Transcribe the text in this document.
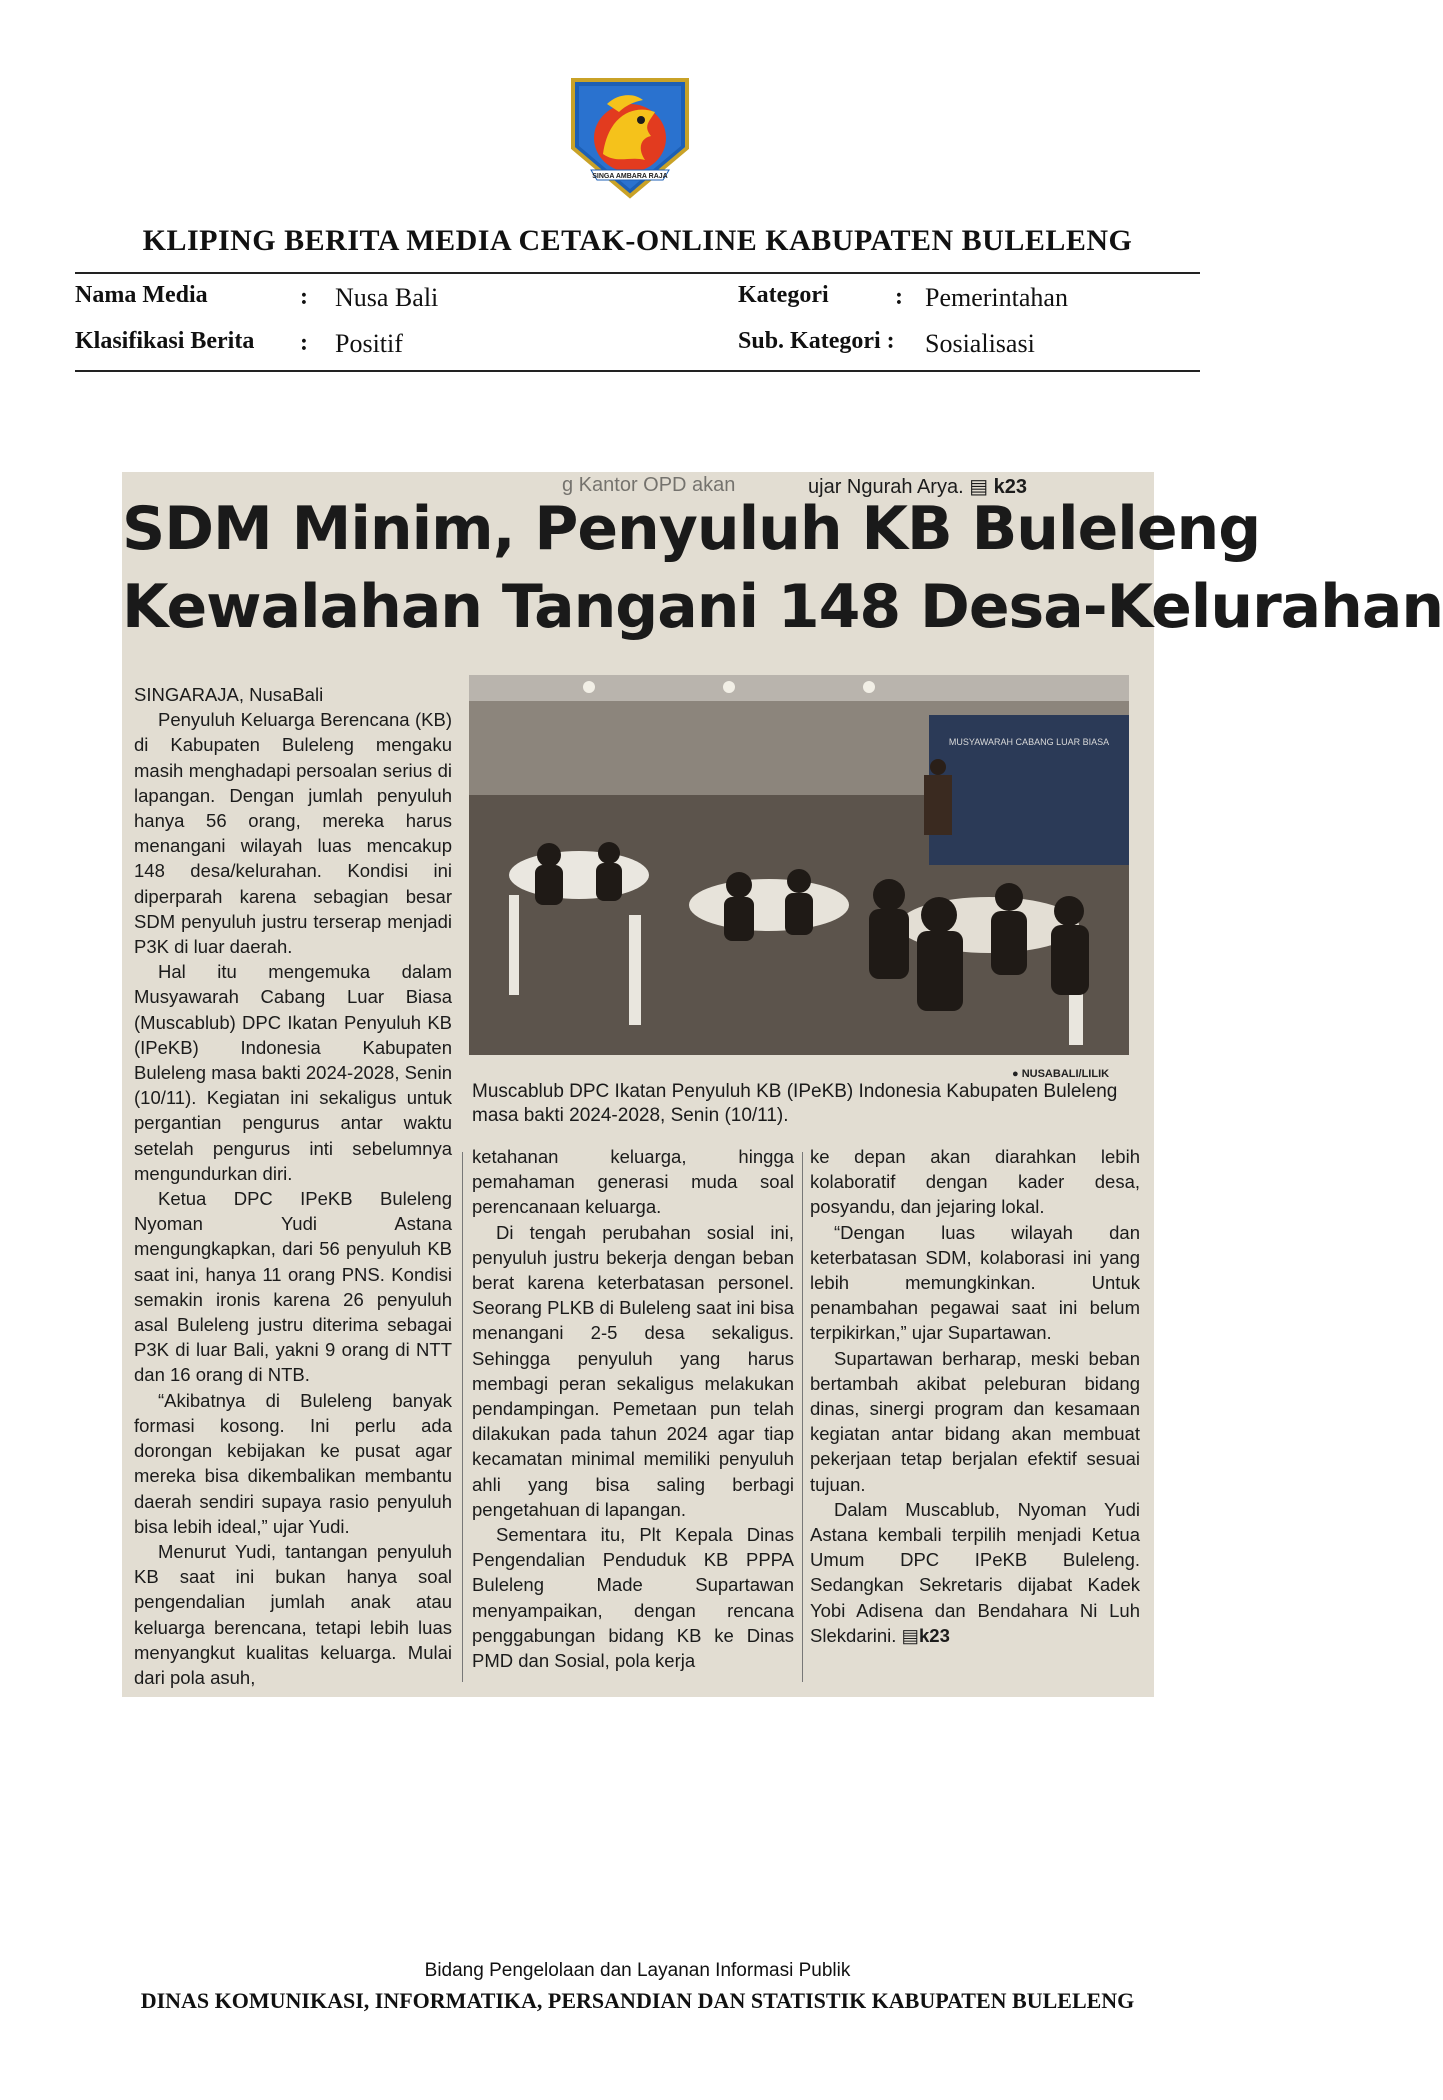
SINGA AMBARA RAJA
KLIPING BERITA MEDIA CETAK-ONLINE KABUPATEN BULELENG
Nama Media	: Nusa Bali	Kategori	: Pemerintahan
Klasifikasi Berita : Positif	Sub. Kategori : Sosialisasi
g Kantor OPD akan	ujar Ngurah Arya. ▤ k23
SDM Minim, Penyuluh KB Buleleng
Kewalahan Tangani 148 Desa-Kelurahan
MUSYAWARAH CABANG LUAR BIASA
● NUSABALI/LILIK
Muscablub DPC Ikatan Penyuluh KB (IPeKB) Indonesia Kabupaten Buleleng masa bakti 2024-2028, Senin (10/11).

SINGARAJA, NusaBali

Penyuluh Keluarga Berencana (KB) di Kabupaten Buleleng mengaku masih menghadapi persoalan serius di lapangan. Dengan jumlah penyuluh hanya 56 orang, mereka harus menangani wilayah luas mencakup 148 desa/kelurahan. Kondisi ini diperparah karena sebagian besar SDM penyuluh justru terserap menjadi P3K di luar daerah.

Hal itu mengemuka dalam Musyawarah Cabang Luar Biasa (Muscablub) DPC Ikatan Penyuluh KB (IPeKB) Indonesia Kabupaten Buleleng masa bakti 2024-2028, Senin (10/11). Kegiatan ini sekaligus untuk pergantian pengurus antar waktu setelah pengurus inti sebelumnya mengundurkan diri.

Ketua DPC IPeKB Buleleng Nyoman Yudi Astana mengungkapkan, dari 56 penyuluh KB saat ini, hanya 11 orang PNS. Kondisi semakin ironis karena 26 penyuluh asal Buleleng justru diterima sebagai P3K di luar Bali, yakni 9 orang di NTT dan 16 orang di NTB.

“Akibatnya di Buleleng banyak formasi kosong. Ini perlu ada dorongan kebijakan ke pusat agar mereka bisa dikembalikan membantu daerah sendiri supaya rasio penyuluh bisa lebih ideal,” ujar Yudi.

Menurut Yudi, tantangan penyuluh KB saat ini bukan hanya soal pengendalian jumlah anak atau keluarga berencana, tetapi lebih luas menyangkut kualitas keluarga. Mulai dari pola asuh,

ketahanan keluarga, hingga pemahaman generasi muda soal perencanaan keluarga.

Di tengah perubahan sosial ini, penyuluh justru bekerja dengan beban berat karena keterbatasan personel. Seorang PLKB di Buleleng saat ini bisa menangani 2-5 desa sekaligus. Sehingga penyuluh yang harus membagi peran sekaligus melakukan pendampingan. Pemetaan pun telah dilakukan pada tahun 2024 agar tiap kecamatan minimal memiliki penyuluh ahli yang bisa saling berbagi pengetahuan di lapangan.

Sementara itu, Plt Kepala Dinas Pengendalian Penduduk KB PPPA Buleleng Made Supartawan menyampaikan, dengan rencana penggabungan bidang KB ke Dinas PMD dan Sosial, pola kerja

ke depan akan diarahkan lebih kolaboratif dengan kader desa, posyandu, dan jejaring lokal.

“Dengan luas wilayah dan keterbatasan SDM, kolaborasi ini yang lebih memungkinkan. Untuk penambahan pegawai saat ini belum terpikirkan,” ujar Supartawan.

Supartawan berharap, meski beban bertambah akibat peleburan bidang dinas, sinergi program dan kesamaan kegiatan antar bidang akan membuat pekerjaan tetap berjalan efektif sesuai tujuan.

Dalam Muscablub, Nyoman Yudi Astana kembali terpilih menjadi Ketua Umum DPC IPeKB Buleleng. Sedangkan Sekretaris dijabat Kadek Yobi Adisena dan Bendahara Ni Luh Slekdarini. ▤k23

Bidang Pengelolaan dan Layanan Informasi Publik
DINAS KOMUNIKASI, INFORMATIKA, PERSANDIAN DAN STATISTIK KABUPATEN BULELENG
